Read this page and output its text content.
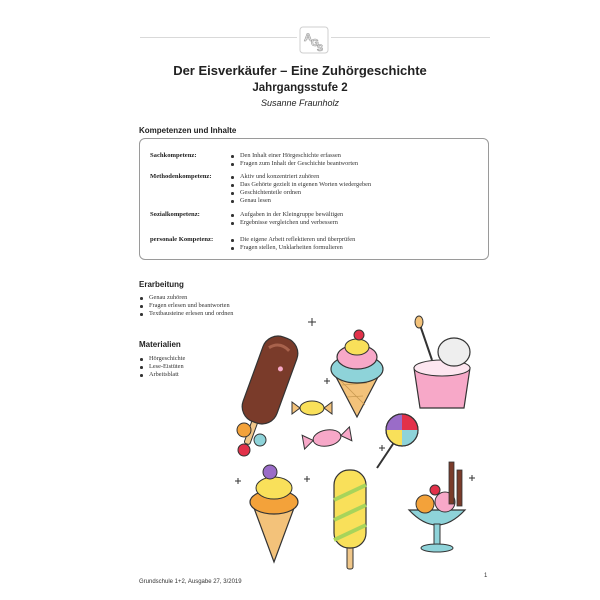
A G
S
Der Eisverkäufer – Eine Zuhörgeschichte
Jahrgangsstufe 2
Susanne Fraunholz
Kompetenzen und Inhalte
Sachkompetenz:	Den Inhalt einer Hörgeschichte erfassen
Fragen zum Inhalt der Geschichte beantworten
Methodenkompetenz:	Aktiv und konzentriert zuhören
Das Gehörte gezielt in eigenen Worten wiedergeben
Geschichtenteile ordnen
Genau lesen
Sozialkompetenz:	Aufgaben in der Kleingruppe bewältigen
Ergebnisse vergleichen und verbessern
personale Kompetenz:	Die eigene Arbeit reflektieren und überprüfen
Fragen stellen, Unklarheiten formulieren
Erarbeitung
Genau zuhören
Fragen erlesen und beantworten
Textbausteine erlesen und ordnen
Materialien
Hörgeschichte
Lese-Eistüten
Arbeitsblatt
Grundschule 1+2, Ausgabe 27, 3/2019
1
